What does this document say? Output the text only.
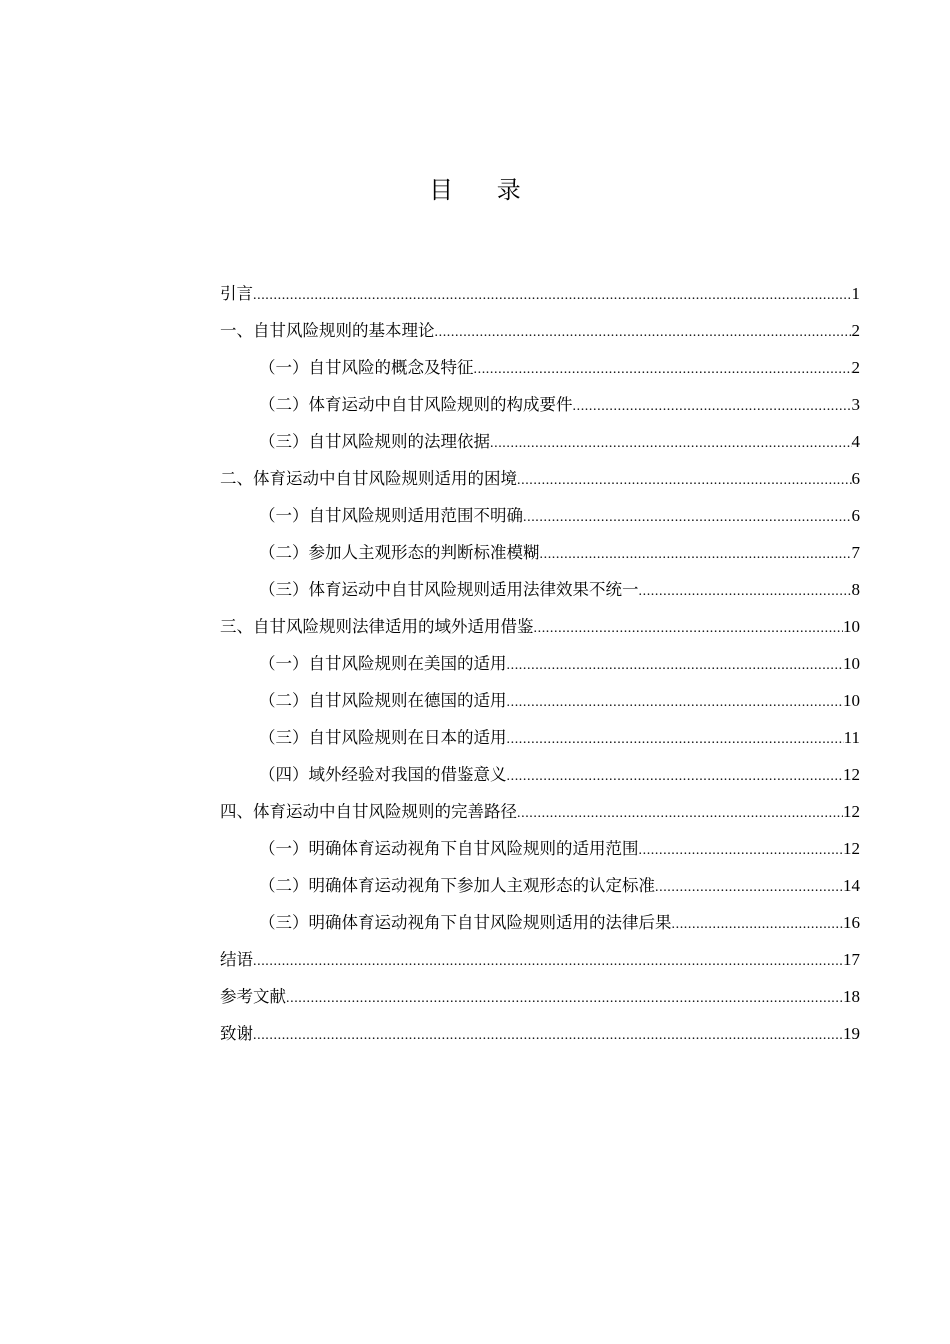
目 录
引言 .....	1
一、自甘风险规则的基本理论 .....	2
（一）自甘风险的概念及特征 .....	2
（二）体育运动中自甘风险规则的构成要件 .....	3
（三）自甘风险规则的法理依据 .....	4
二、体育运动中自甘风险规则适用的困境 .....	6
（一）自甘风险规则适用范围不明确 .....	6
（二）参加人主观形态的判断标准模糊 .....	7
（三）体育运动中自甘风险规则适用法律效果不统一 .....	8
三、自甘风险规则法律适用的域外适用借鉴 .....	10
（一）自甘风险规则在美国的适用 .....	10
（二）自甘风险规则在德国的适用 .....	10
（三）自甘风险规则在日本的适用 .....	11
（四）域外经验对我国的借鉴意义 .....	12
四、体育运动中自甘风险规则的完善路径 .....	12
（一）明确体育运动视角下自甘风险规则的适用范围 .....	12
（二）明确体育运动视角下参加人主观形态的认定标准 .....	14
（三）明确体育运动视角下自甘风险规则适用的法律后果 .....	16
结语 .....	17
参考文献 .....	18
致谢 .....	19
